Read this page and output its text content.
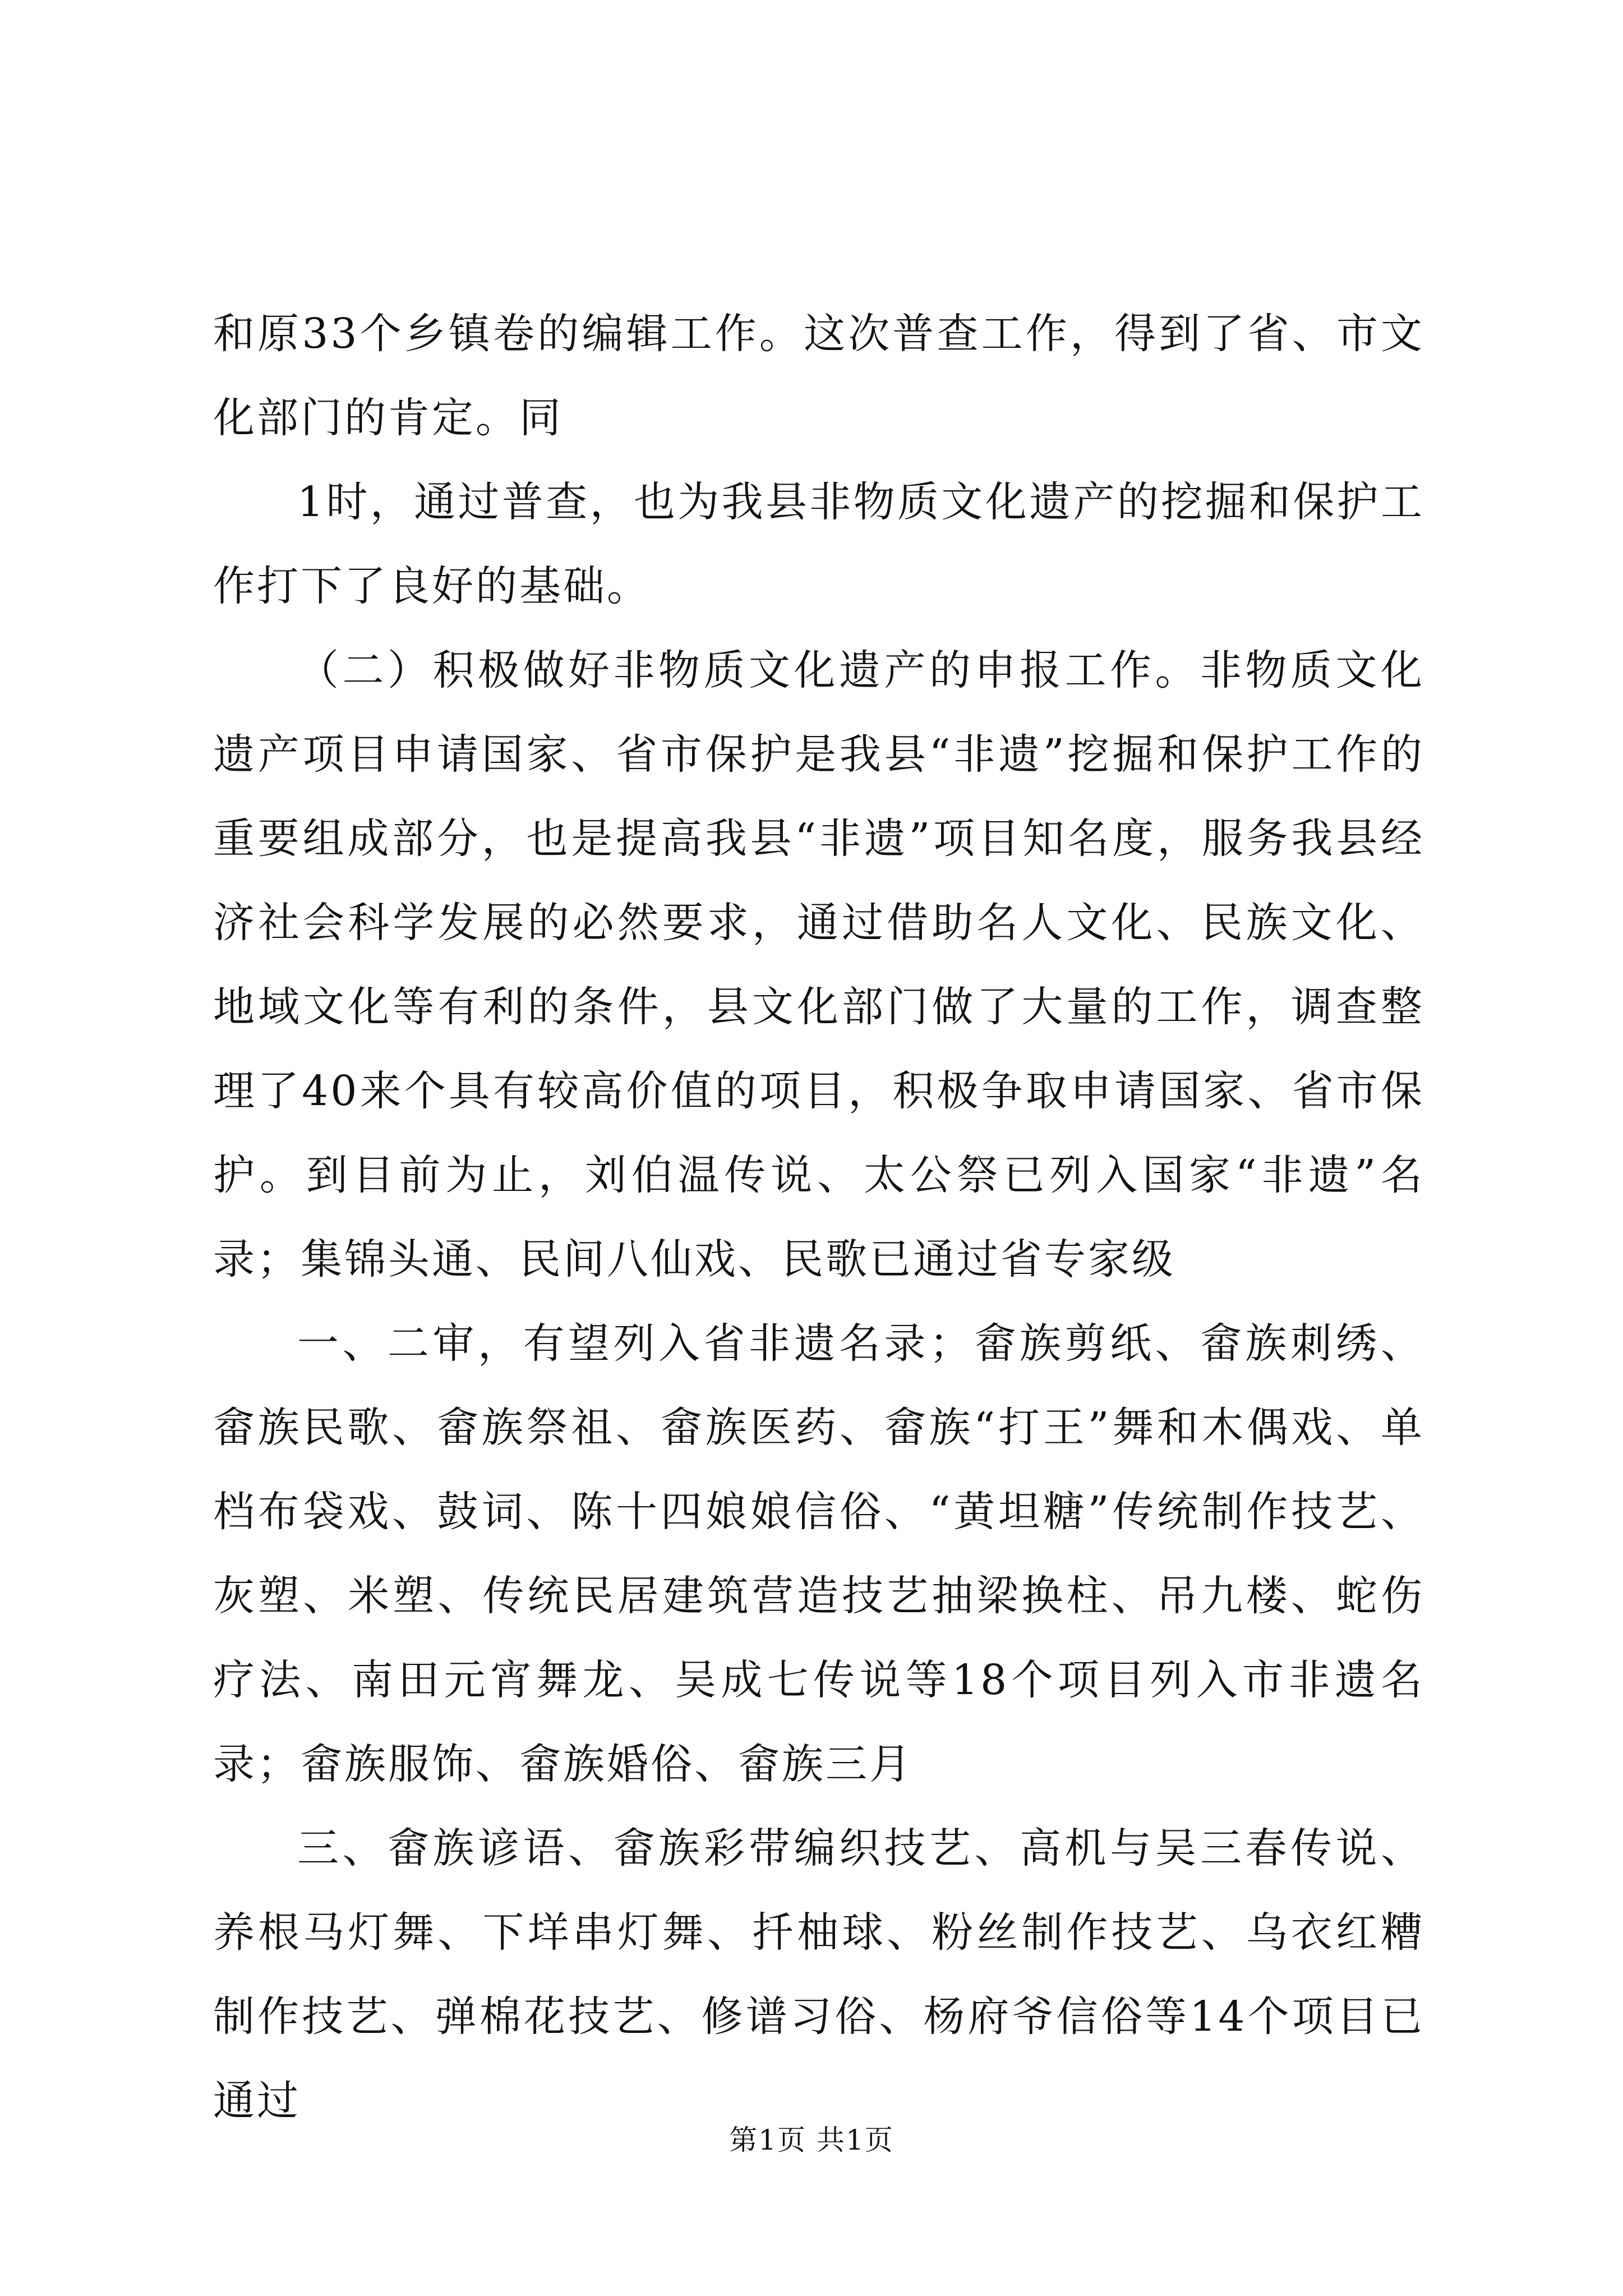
和原33个乡镇卷的编辑工作。这次普查工作，得到了省、市文化部门的肯定。同

1时，通过普查，也为我县非物质文化遗产的挖掘和保护工作打下了良好的基础。

（二）积极做好非物质文化遗产的申报工作。非物质文化遗产项目申请国家、省市保护是我县“非遗”挖掘和保护工作的重要组成部分，也是提高我县“非遗”项目知名度，服务我县经济社会科学发展的必然要求，通过借助名人文化、民族文化、地域文化等有利的条件，县文化部门做了大量的工作，调查整理了40来个具有较高价值的项目，积极争取申请国家、省市保护。到目前为止，刘伯温传说、太公祭已列入国家“非遗”名录；集锦头通、民间八仙戏、民歌已通过省专家级

一、二审，有望列入省非遗名录；畲族剪纸、畲族刺绣、畲族民歌、畲族祭祖、畲族医药、畲族“打王”舞和木偶戏、单档布袋戏、鼓词、陈十四娘娘信俗、“黄坦糖”传统制作技艺、灰塑、米塑、传统民居建筑营造技艺抽梁换柱、吊九楼、蛇伤疗法、南田元宵舞龙、吴成七传说等18个项目列入市非遗名录；畲族服饰、畲族婚俗、畲族三月

三、畲族谚语、畲族彩带编织技艺、高机与吴三春传说、养根马灯舞、下垟串灯舞、扦柚球、粉丝制作技艺、乌衣红糟制作技艺、弹棉花技艺、修谱习俗、杨府爷信俗等14个项目已通过

第1页 共1页
